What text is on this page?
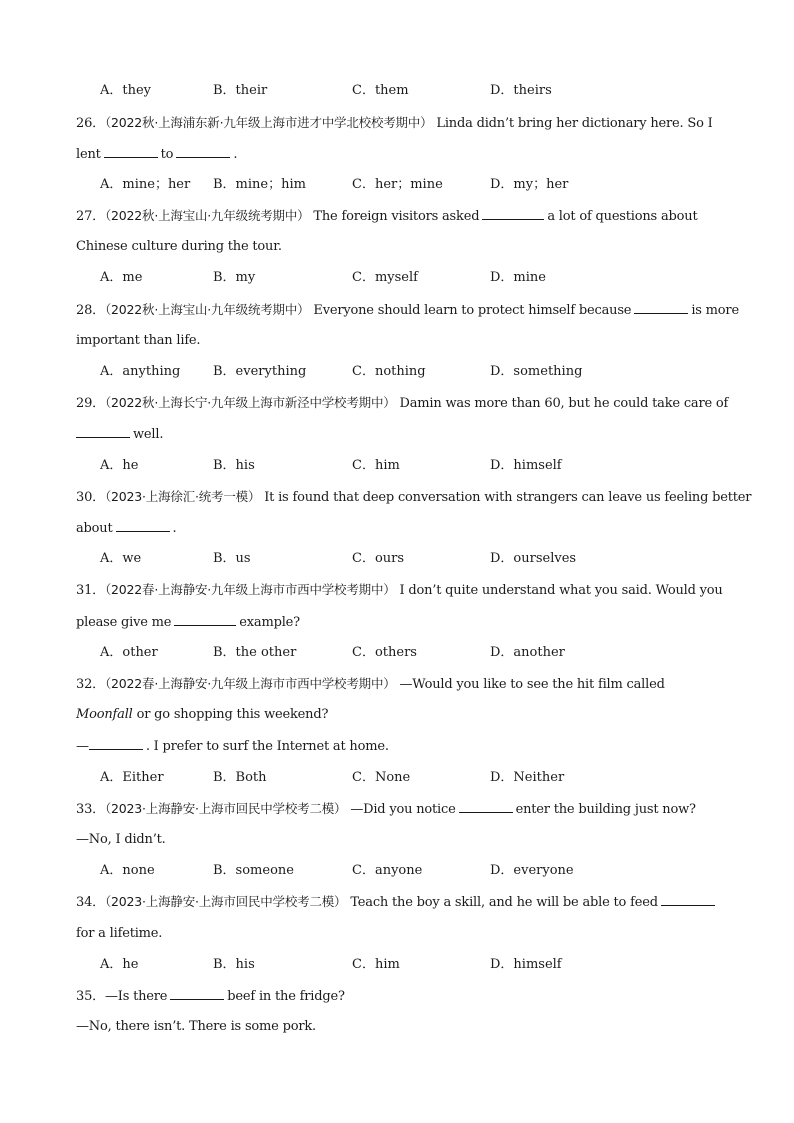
A．they	B．their	C．them	D．theirs
26．（2022秋·上海浦东新·九年级上海市进才中学北校校考期中） Linda didn’t bring her dictionary here. So I
lent	to	.
A．mine；her B．mine；him	C．her；mine	D．my；her
27．（2022秋·上海宝山·九年级统考期中） The foreign visitors asked	a lot of questions about
Chinese culture during the tour.
A．me	B．my	C．myself	D．mine
28．（2022秋·上海宝山·九年级统考期中） Everyone should learn to protect himself because	is more
important than life.
A．anything	B．everything	C．nothing	D．something
29．（2022秋·上海长宁·九年级上海市新泾中学校考期中） Damin was more than 60, but he could take care of
well.
A．he	B．his	C．him	D．himself
30．（2023·上海徐汇·统考一模） It is found that deep conversation with strangers can leave us feeling better
about	.
A．we	B．us	C．ours	D．ourselves
31．（2022春·上海静安·九年级上海市市西中学校考期中） I don’t quite understand what you said. Would you
please give me	example?
A．other	B．the other	C．others	D．another
32．（2022春·上海静安·九年级上海市市西中学校考期中） —Would you like to see the hit film called
Moonfall or go shopping this weekend?
—	. I prefer to surf the Internet at home.
A．Either	B．Both	C．None	D．Neither
33．（2023·上海静安·上海市回民中学校考二模） —Did you notice	enter the building just now?
—No, I didn’t.
A．none	B．someone	C．anyone	D．everyone
34．（2023·上海静安·上海市回民中学校考二模） Teach the boy a skill, and he will be able to feed
for a lifetime.
A．he	B．his	C．him	D．himself
35．—Is there	beef in the fridge?
—No, there isn’t. There is some pork.
